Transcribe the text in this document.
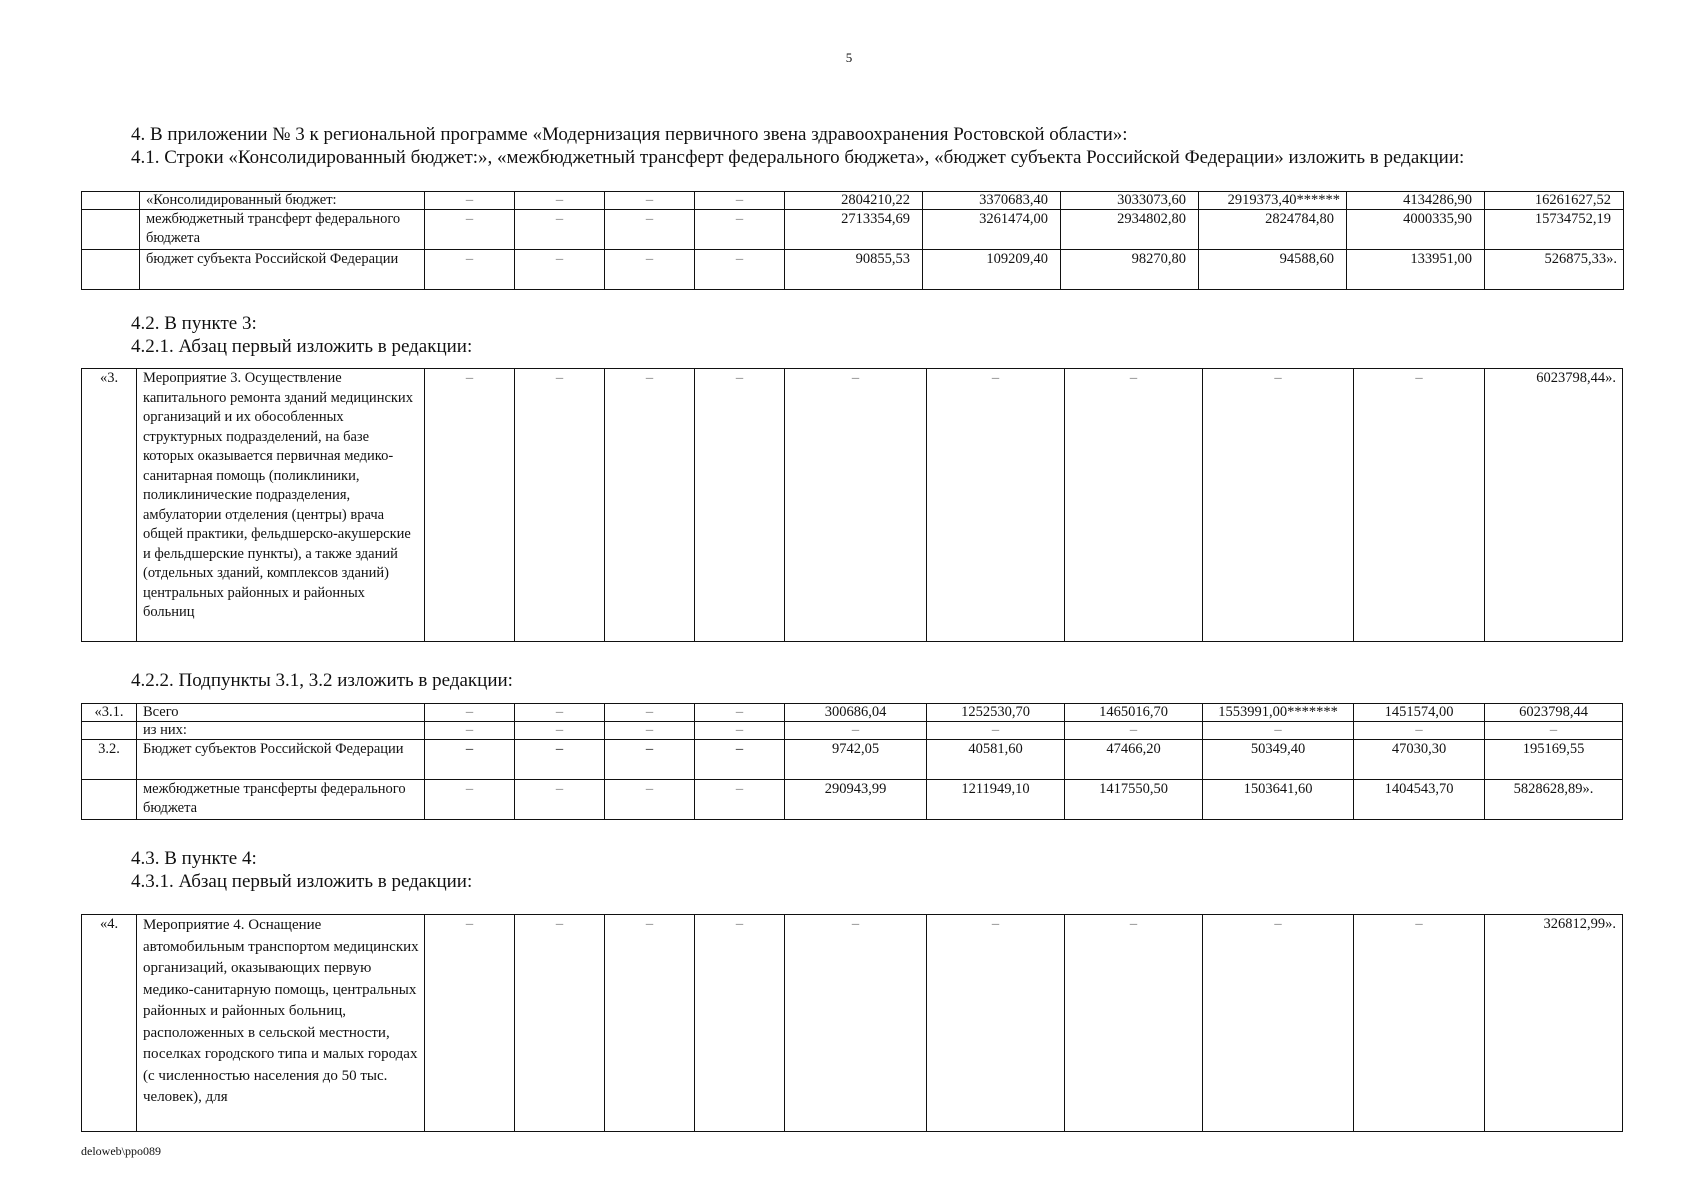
5
4. В приложении № 3 к региональной программе «Модернизация первичного звена здравоохранения Ростовской области»:
4.1. Строки «Консолидированный бюджет:», «межбюджетный трансферт федерального бюджета», «бюджет субъекта Российской Федерации» изложить в редакции:
	«Консолидированный бюджет:	–	–	–	–	2804210,22	3370683,40	3033073,60	2919373,40******	4134286,90	16261627,52
	межбюджетный трансферт федерального бюджета	–	–	–	–	2713354,69	3261474,00	2934802,80	2824784,80	4000335,90	15734752,19
	бюджет субъекта Российской Федерации	–	–	–	–	90855,53	109209,40	98270,80	94588,60	133951,00	526875,33».
4.2. В пункте 3:
4.2.1. Абзац первый изложить в редакции:
«3.	Мероприятие 3. Осуществление капитального ремонта зданий медицинских организаций и их обособленных структурных подразделений, на базе которых оказывается первичная медико-санитарная помощь (поликлиники, поликлинические подразделения, амбулатории отделения (центры) врача общей практики, фельдшерско-акушерские и фельдшерские пункты), а также зданий (отдельных зданий, комплексов зданий) центральных районных и районных больниц	–	–	–	–	–	–	–	–	–	6023798,44».
4.2.2. Подпункты 3.1, 3.2 изложить в редакции:
«3.1.	Всего	–	–	–	–	300686,04	1252530,70	1465016,70	1553991,00*******	1451574,00	6023798,44
	из них:	–	–	–	–	–	–	–	–	–	–
3.2.	Бюджет субъектов Российской Федерации	–	–	–	–	9742,05	40581,60	47466,20	50349,40	47030,30	195169,55
	межбюджетные трансферты федерального бюджета	–	–	–	–	290943,99	1211949,10	1417550,50	1503641,60	1404543,70	5828628,89».
4.3. В пункте 4:
4.3.1. Абзац первый изложить в редакции:
«4.	Мероприятие 4. Оснащение автомобильным транспортом медицинских организаций, оказывающих первую медико-санитарную помощь, центральных районных и районных больниц, расположенных в сельской местности, поселках городского типа и малых городах (с численностью населения до 50 тыс. человек), для	–	–	–	–	–	–	–	–	–	326812,99».
deloweb\ppo089
